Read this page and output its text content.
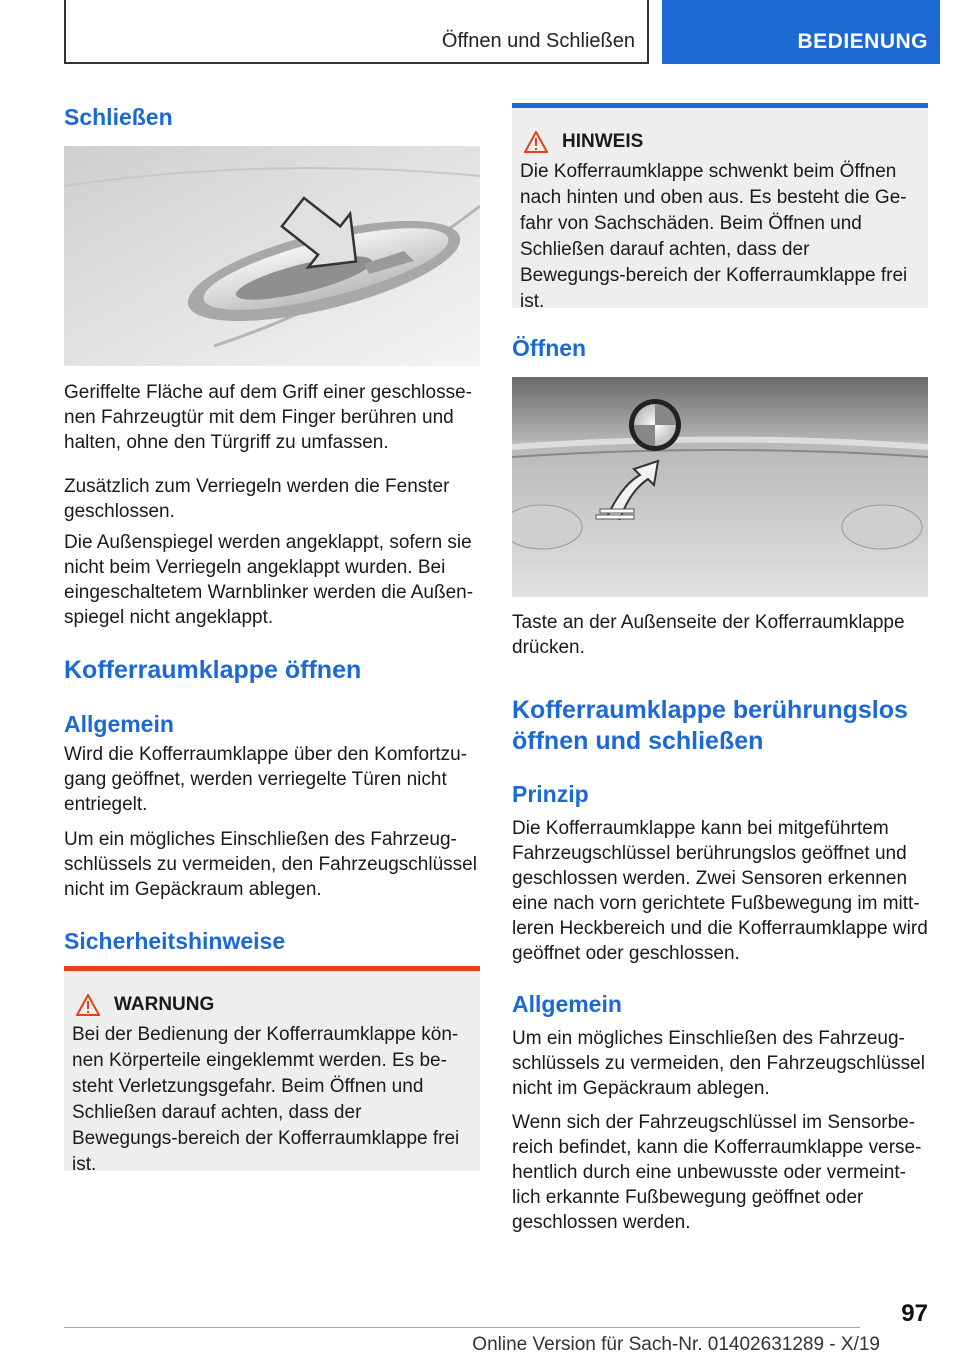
Öffnen und Schließen	BEDIENUNG
Schließen

Geriffelte Fläche auf dem Griff einer geschlosse-nen Fahrzeugtür mit dem Finger berühren und halten, ohne den Türgriff zu umfassen.

Zusätzlich zum Verriegeln werden die Fenster geschlossen.

Die Außenspiegel werden angeklappt, sofern sie nicht beim Verriegeln angeklappt wurden. Bei eingeschaltetem Warnblinker werden die Außen-spiegel nicht angeklappt.

Kofferraumklappe öffnen
Allgemein

Wird die Kofferraumklappe über den Komfortzu-gang geöffnet, werden verriegelte Türen nicht entriegelt.

Um ein mögliches Einschließen des Fahrzeug-schlüssels zu vermeiden, den Fahrzeugschlüssel nicht im Gepäckraum ablegen.

Sicherheitshinweise
WARNUNG
Bei der Bedienung der Kofferraumklappe kön-nen Körperteile eingeklemmt werden. Es be-steht Verletzungsgefahr. Beim Öffnen und Schließen darauf achten, dass der Bewegungs-bereich der Kofferraumklappe frei ist.
HINWEIS
Die Kofferraumklappe schwenkt beim Öffnen nach hinten und oben aus. Es besteht die Ge-fahr von Sachschäden. Beim Öffnen und Schließen darauf achten, dass der Bewegungs-bereich der Kofferraumklappe frei ist.
Öffnen

Taste an der Außenseite der Kofferraumklappe drücken.

Kofferraumklappe berührungslos öffnen und schließen
Prinzip

Die Kofferraumklappe kann bei mitgeführtem Fahrzeugschlüssel berührungslos geöffnet und geschlossen werden. Zwei Sensoren erkennen eine nach vorn gerichtete Fußbewegung im mitt-leren Heckbereich und die Kofferraumklappe wird geöffnet oder geschlossen.

Allgemein

Um ein mögliches Einschließen des Fahrzeug-schlüssels zu vermeiden, den Fahrzeugschlüssel nicht im Gepäckraum ablegen.

Wenn sich der Fahrzeugschlüssel im Sensorbe-reich befindet, kann die Kofferraumklappe verse-hentlich durch eine unbewusste oder vermeint-lich erkannte Fußbewegung geöffnet oder geschlossen werden.

97
Online Version für Sach-Nr. 01402631289 - X/19
